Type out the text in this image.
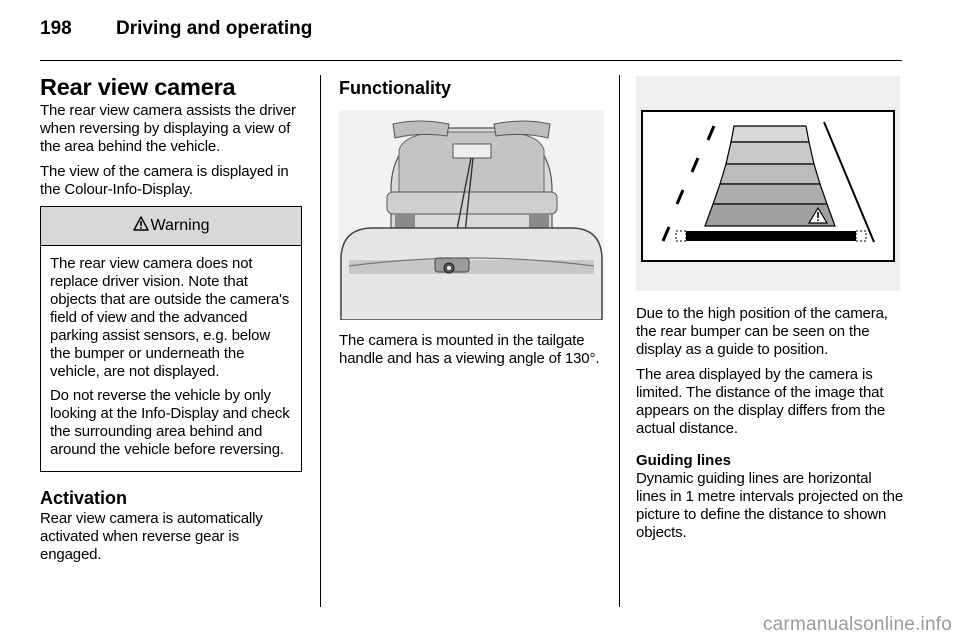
198 Driving and operating
Rear view camera

The rear view camera assists the driver when reversing by displaying a view of the area behind the vehicle.

The view of the camera is displayed in the Colour-Info-Display.

Warning

The rear view camera does not replace driver vision. Note that objects that are outside the camera's field of view and the advanced parking assist sensors, e.g. below the bumper or underneath the vehicle, are not displayed.

Do not reverse the vehicle by only looking at the Info-Display and check the surrounding area behind and around the vehicle before reversing.

Activation

Rear view camera is automatically activated when reverse gear is engaged.

Functionality

The camera is mounted in the tailgate handle and has a viewing angle of 130°.

Due to the high position of the camera, the rear bumper can be seen on the display as a guide to position.

The area displayed by the camera is limited. The distance of the image that appears on the display differs from the actual distance.

Guiding lines

Dynamic guiding lines are horizontal lines in 1 metre intervals projected on the picture to define the distance to shown objects.

carmanualsonline.info
